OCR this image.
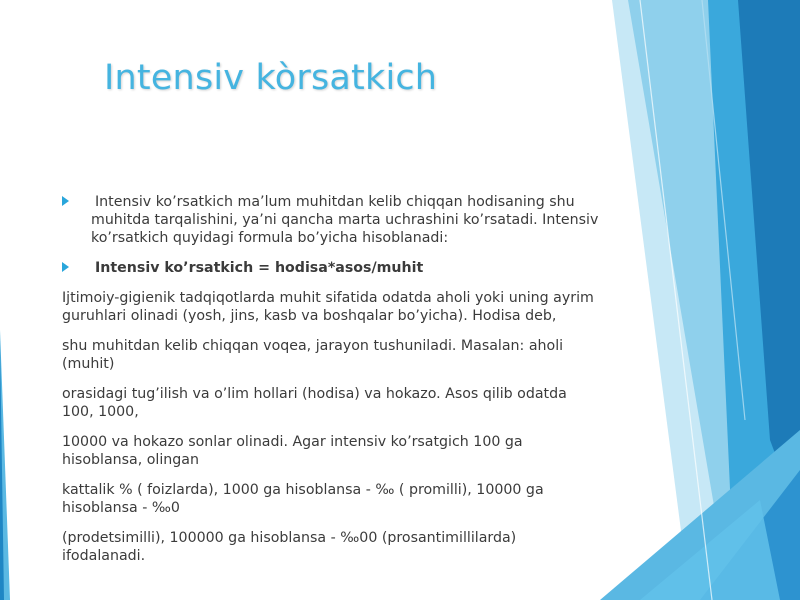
Intensiv kòrsatkich
Intensiv ko’rsatkich ma’lum muhitdan kelib chiqqan hodisaning shu muhitda tarqalishini, ya’ni qancha marta uchrashini ko’rsatadi. Intensiv ko’rsatkich quyidagi formula bo’yicha hisoblanadi:
Intensiv ko’rsatkich = hodisa*asos/muhit

Ijtimoiy-gigienik tadqiqotlarda muhit sifatida odatda aholi yoki uning ayrim guruhlari olinadi (yosh, jins, kasb va boshqalar bo’yicha). Hodisa deb,

shu muhitdan kelib chiqqan voqea, jarayon tushuniladi. Masalan: aholi (muhit)

orasidagi tug’ilish va o’lim hollari (hodisa) va hokazo. Asos qilib odatda 100, 1000,

10000 va hokazo sonlar olinadi. Agar intensiv ko’rsatgich 100 ga hisoblansa, olingan

kattalik % ( foizlarda), 1000 ga hisoblansa - ‰ ( promilli), 10000 ga hisoblansa - ‰0

(prodetsimilli), 100000 ga hisoblansa - ‰00 (prosantimillilarda) ifodalanadi.
